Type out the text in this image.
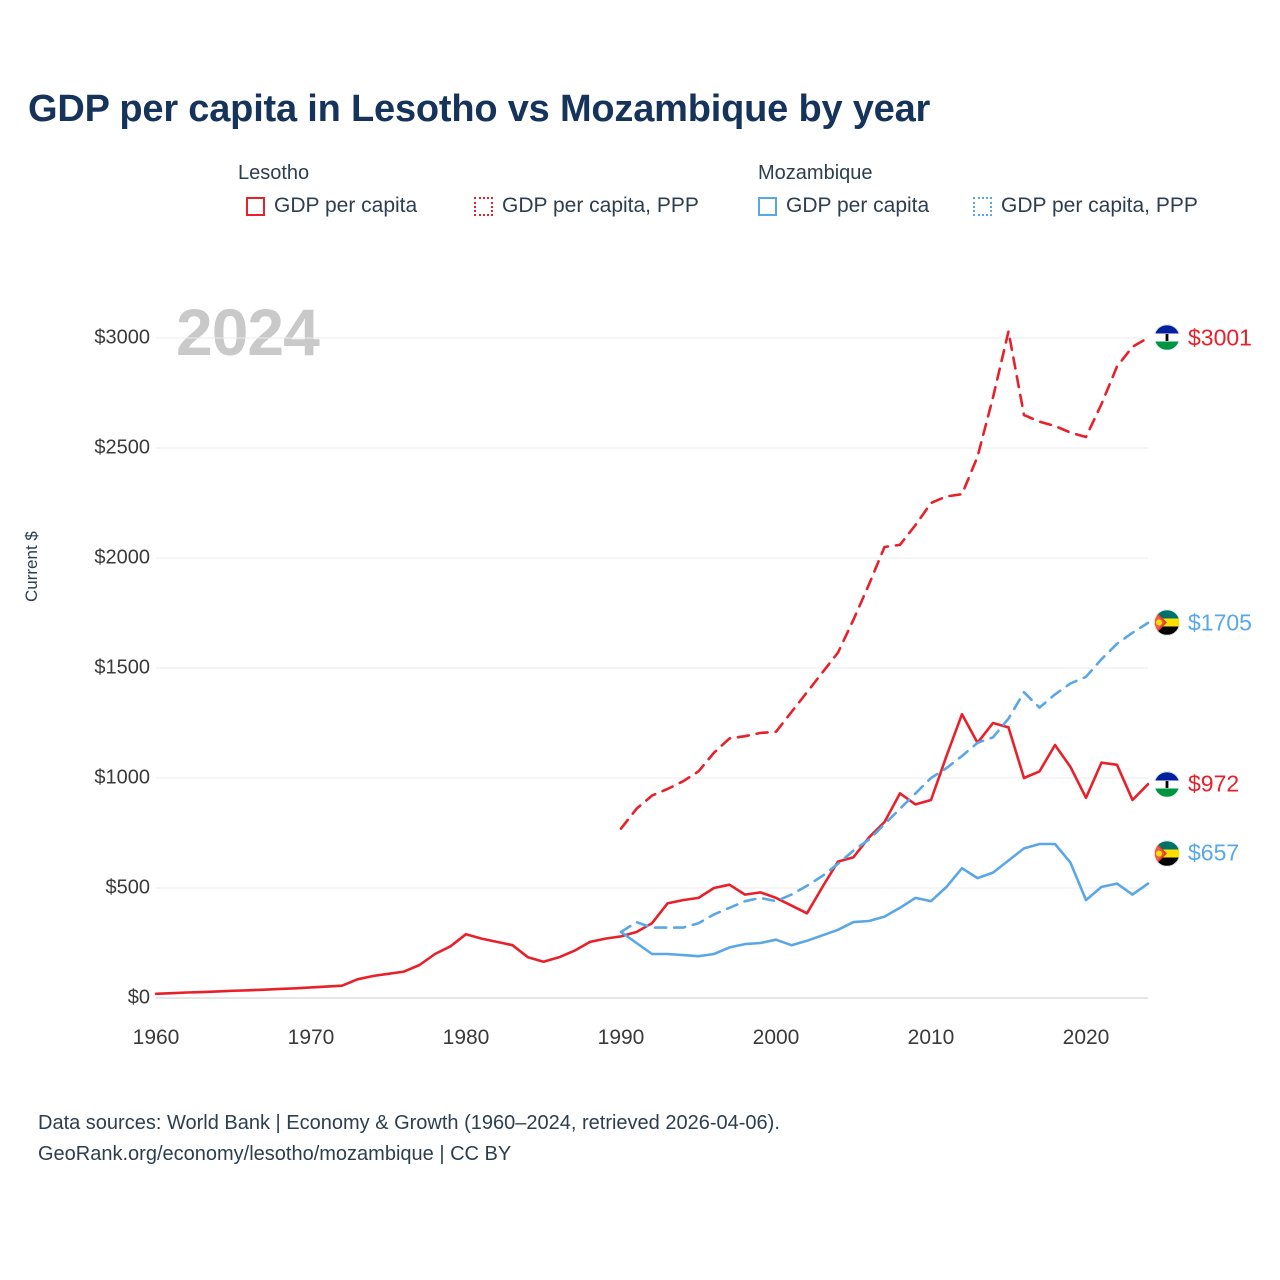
GDP per capita in Lesotho vs Mozambique by year
Lesotho	Mozambique
GDP per capita	GDP per capita, PPP	GDP per capita	GDP per capita, PPP
2024
Current $
$0
$500
$1000
$1500
$2000
$2500
$3000
1960	1970	1980	1990	2000	2010	2020
$3001
$1705
$972
$657
Data sources: World Bank | Economy & Growth (1960–2024, retrieved 2026-04-06).
GeoRank.org/economy/lesotho/mozambique | CC BY
